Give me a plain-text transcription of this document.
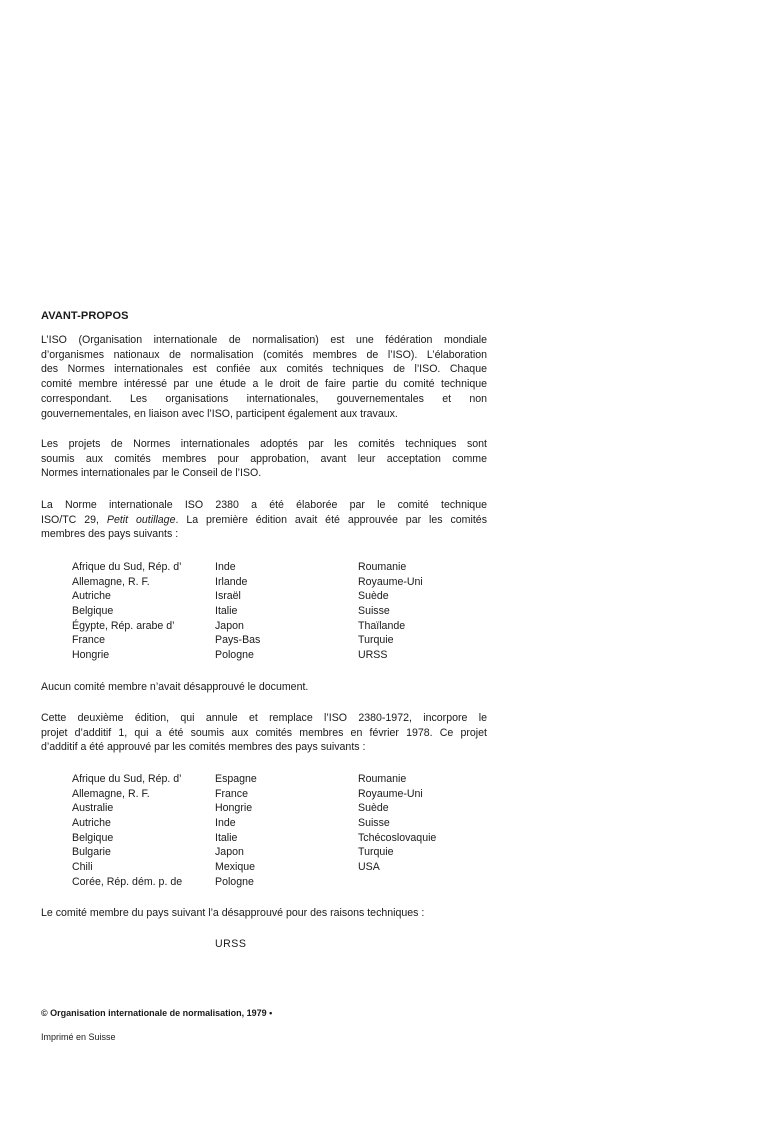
AVANT-PROPOS

L’ISO (Organisation internationale de normalisation) est une fédération mondiale
d’organismes nationaux de normalisation (comités membres de l’ISO). L’élaboration
des Normes internationales est confiée aux comités techniques de l’ISO. Chaque
comité membre intéressé par une étude a le droit de faire partie du comité technique
correspondant. Les organisations internationales, gouvernementales et non
gouvernementales, en liaison avec l’ISO, participent également aux travaux.

Les projets de Normes internationales adoptés par les comités techniques sont
soumis aux comités membres pour approbation, avant leur acceptation comme
Normes internationales par le Conseil de l’ISO.

La Norme internationale ISO 2380 a été élaborée par le comité technique
ISO/TC 29, Petit outillage. La première édition avait été approuvée par les comités
membres des pays suivants :

Afrique du Sud, Rép. d’	Inde	Roumanie
Allemagne, R. F.	Irlande	Royaume-Uni
Autriche	Israël	Suède
Belgique	Italie	Suisse
Égypte, Rép. arabe d’	Japon	Thaïlande
France	Pays-Bas	Turquie
Hongrie	Pologne	URSS

Aucun comité membre n’avait désapprouvé le document.

Cette deuxième édition, qui annule et remplace l’ISO 2380-1972, incorpore le
projet d’additif 1, qui a été soumis aux comités membres en février 1978. Ce projet
d’additif a été approuvé par les comités membres des pays suivants :

Afrique du Sud, Rép. d’	Espagne	Roumanie
Allemagne, R. F.	France	Royaume-Uni
Australie	Hongrie	Suède
Autriche	Inde	Suisse
Belgique	Italie	Tchécoslovaquie
Bulgarie	Japon	Turquie
Chili	Mexique	USA
Corée, Rép. dém. p. de	Pologne

Le comité membre du pays suivant l’a désapprouvé pour des raisons techniques :

URSS
© Organisation internationale de normalisation, 1979 •
Imprimé en Suisse
